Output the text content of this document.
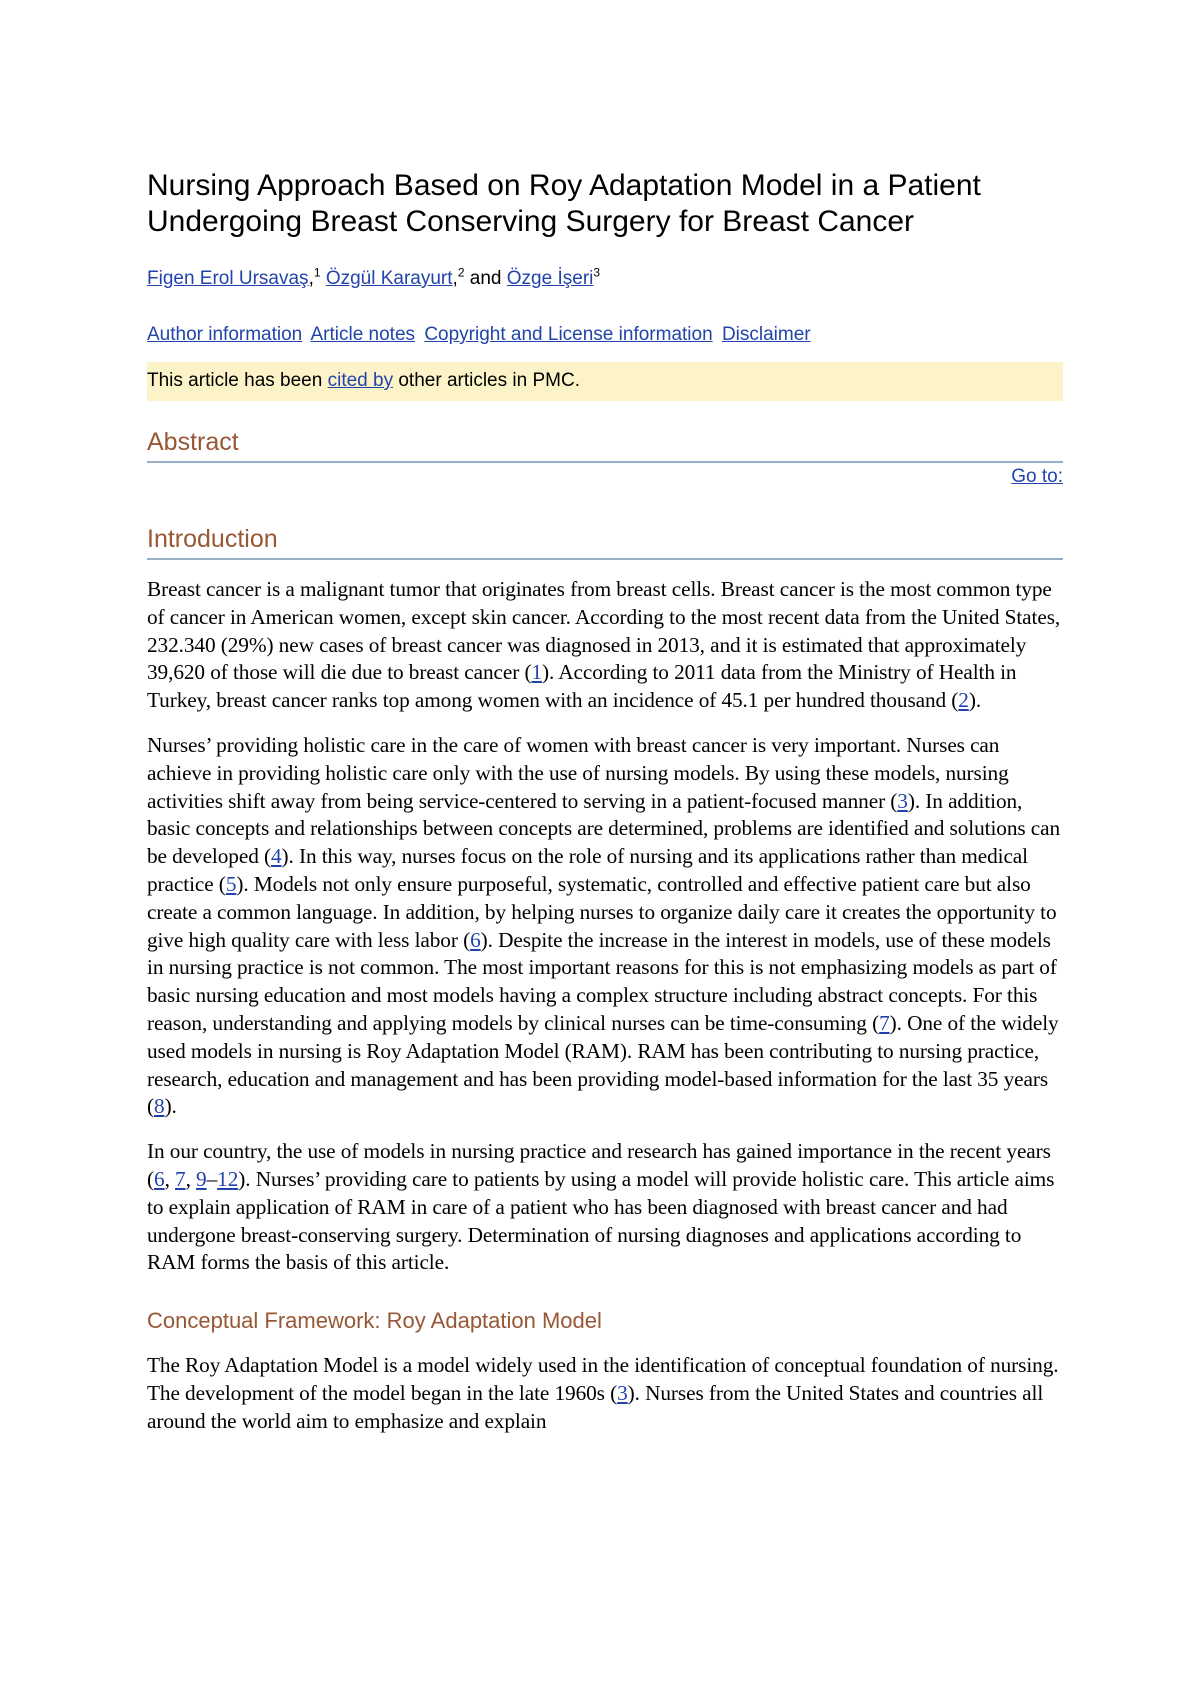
Nursing Approach Based on Roy Adaptation Model in a Patient Undergoing Breast Conserving Surgery for Breast Cancer
Figen Erol Ursavaş,$^1$ Özgül Karayurt,$^2$ and Özge İşeri$^3$
Author information Article notes Copyright and License information Disclaimer
This article has been cited by other articles in PMC.
Abstract
Go to:
Introduction

Breast cancer is a malignant tumor that originates from breast cells. Breast cancer is the most common type of cancer in American women, except skin cancer. According to the most recent data from the United States, 232.340 (29%) new cases of breast cancer was diagnosed in 2013, and it is estimated that approximately 39,620 of those will die due to breast cancer (1). According to 2011 data from the Ministry of Health in Turkey, breast cancer ranks top among women with an incidence of 45.1 per hundred thousand (2).

Nurses’ providing holistic care in the care of women with breast cancer is very important. Nurses can achieve in providing holistic care only with the use of nursing models. By using these models, nursing activities shift away from being service-centered to serving in a patient-focused manner (3). In addition, basic concepts and relationships between concepts are determined, problems are identified and solutions can be developed (4). In this way, nurses focus on the role of nursing and its applications rather than medical practice (5). Models not only ensure purposeful, systematic, controlled and effective patient care but also create a common language. In addition, by helping nurses to organize daily care it creates the opportunity to give high quality care with less labor (6). Despite the increase in the interest in models, use of these models in nursing practice is not common. The most important reasons for this is not emphasizing models as part of basic nursing education and most models having a complex structure including abstract concepts. For this reason, understanding and applying models by clinical nurses can be time-consuming (7). One of the widely used models in nursing is Roy Adaptation Model (RAM). RAM has been contributing to nursing practice, research, education and management and has been providing model-based information for the last 35 years (8).

In our country, the use of models in nursing practice and research has gained importance in the recent years (6, 7, 9–12). Nurses’ providing care to patients by using a model will provide holistic care. This article aims to explain application of RAM in care of a patient who has been diagnosed with breast cancer and had undergone breast-conserving surgery. Determination of nursing diagnoses and applications according to RAM forms the basis of this article.

Conceptual Framework: Roy Adaptation Model

The Roy Adaptation Model is a model widely used in the identification of conceptual foundation of nursing. The development of the model began in the late 1960s (3). Nurses from the United States and countries all around the world aim to emphasize and explain
